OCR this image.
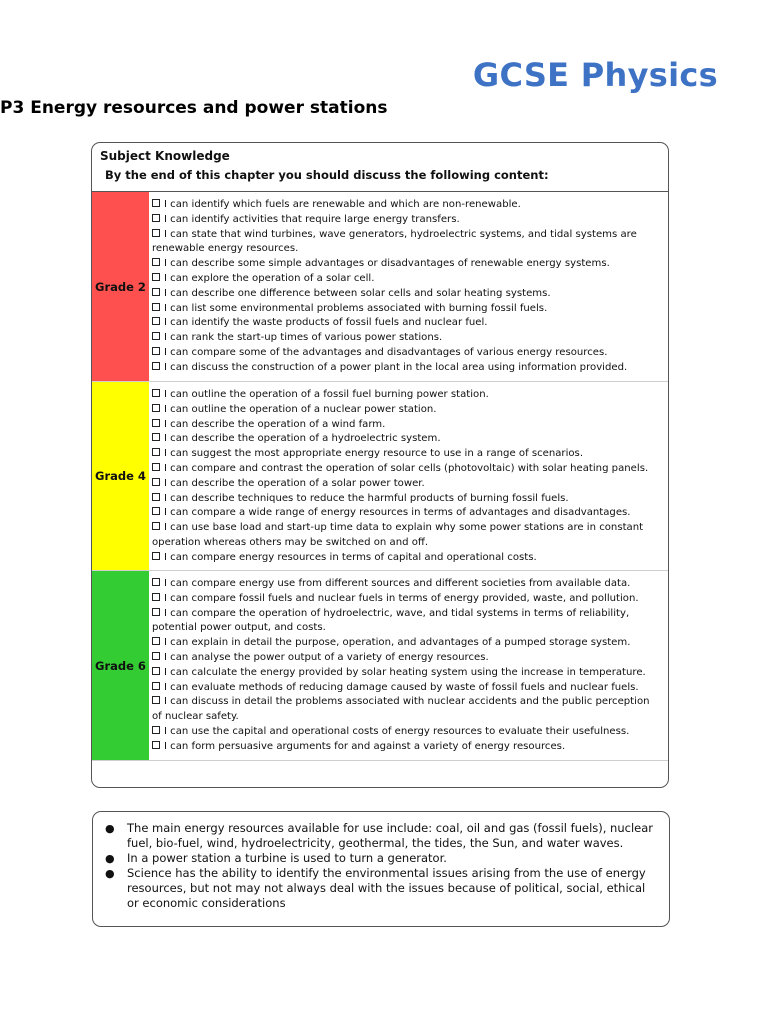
GCSE Physics
P3 Energy resources and power stations

Subject Knowledge

By the end of this chapter you should discuss the following content:

Grade 2
I can identify which fuels are renewable and which are non-renewable.
I can identify activities that require large energy transfers.
I can state that wind turbines, wave generators, hydroelectric systems, and tidal systems are renewable energy resources.
I can describe some simple advantages or disadvantages of renewable energy systems.
I can explore the operation of a solar cell.
I can describe one difference between solar cells and solar heating systems.
I can list some environmental problems associated with burning fossil fuels.
I can identify the waste products of fossil fuels and nuclear fuel.
I can rank the start-up times of various power stations.
I can compare some of the advantages and disadvantages of various energy resources.
I can discuss the construction of a power plant in the local area using information provided.
Grade 4
I can outline the operation of a fossil fuel burning power station.
I can outline the operation of a nuclear power station.
I can describe the operation of a wind farm.
I can describe the operation of a hydroelectric system.
I can suggest the most appropriate energy resource to use in a range of scenarios.
I can compare and contrast the operation of solar cells (photovoltaic) with solar heating panels.
I can describe the operation of a solar power tower.
I can describe techniques to reduce the harmful products of burning fossil fuels.
I can compare a wide range of energy resources in terms of advantages and disadvantages.
I can use base load and start-up time data to explain why some power stations are in constant operation whereas others may be switched on and off.
I can compare energy resources in terms of capital and operational costs.
Grade 6
I can compare energy use from different sources and different societies from available data.
I can compare fossil fuels and nuclear fuels in terms of energy provided, waste, and pollution.
I can compare the operation of hydroelectric, wave, and tidal systems in terms of reliability, potential power output, and costs.
I can explain in detail the purpose, operation, and advantages of a pumped storage system.
I can analyse the power output of a variety of energy resources.
I can calculate the energy provided by solar heating system using the increase in temperature.
I can evaluate methods of reducing damage caused by waste of fossil fuels and nuclear fuels.
I can discuss in detail the problems associated with nuclear accidents and the public perception of nuclear safety.
I can use the capital and operational costs of energy resources to evaluate their usefulness.
I can form persuasive arguments for and against a variety of energy resources.
● The main energy resources available for use include: coal, oil and gas (fossil fuels), nuclear fuel, bio-fuel, wind, hydroelectricity, geothermal, the tides, the Sun, and water waves.
● In a power station a turbine is used to turn a generator.
● Science has the ability to identify the environmental issues arising from the use of energy resources, but not may not always deal with the issues because of political, social, ethical or economic considerations
